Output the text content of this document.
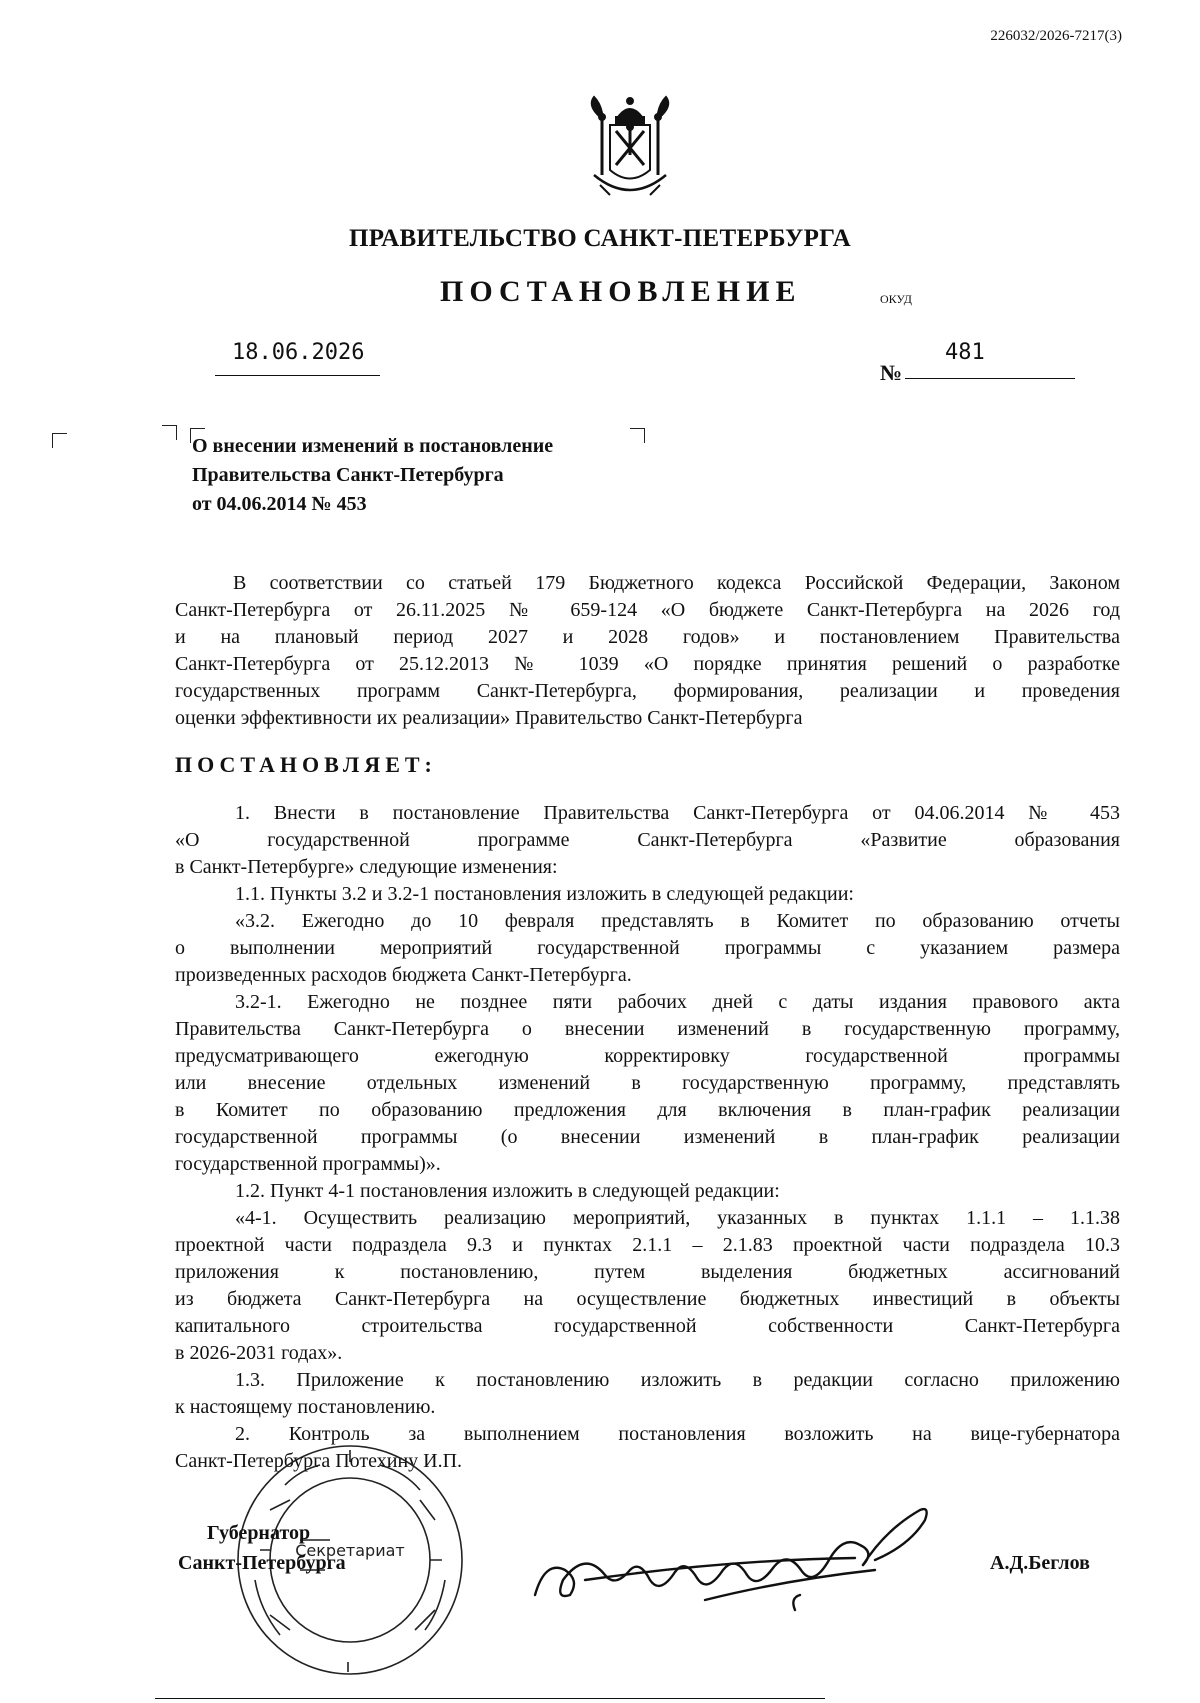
226032/2026-7217(3)
ПРАВИТЕЛЬСТВО САНКТ-ПЕТЕРБУРГА
ПОСТАНОВЛЕНИЕ	ОКУД
18.06.2026
№
481
О внесении изменений в постановление
Правительства Санкт-Петербурга
от 04.06.2014 № 453
В соответствии со статьей 179 Бюджетного кодекса Российской Федерации, Законом
Санкт-Петербурга от 26.11.2025 № 659-124 «О бюджете Санкт-Петербурга на 2026 год
и на плановый период 2027 и 2028 годов» и постановлением Правительства
Санкт-Петербурга от 25.12.2013 № 1039 «О порядке принятия решений о разработке
государственных программ Санкт-Петербурга, формирования, реализации и проведения
оценки эффективности их реализации» Правительство Санкт-Петербурга
ПОСТАНОВЛЯЕТ:
1. Внести в постановление Правительства Санкт-Петербурга от 04.06.2014 № 453
«О государственной программе Санкт-Петербурга «Развитие образования
в Санкт-Петербурге» следующие изменения:
1.1. Пункты 3.2 и 3.2-1 постановления изложить в следующей редакции:
«3.2. Ежегодно до 10 февраля представлять в Комитет по образованию отчеты
о выполнении мероприятий государственной программы с указанием размера
произведенных расходов бюджета Санкт-Петербурга.
3.2-1. Ежегодно не позднее пяти рабочих дней с даты издания правового акта
Правительства Санкт-Петербурга о внесении изменений в государственную программу,
предусматривающего ежегодную корректировку государственной программы
или внесение отдельных изменений в государственную программу, представлять
в Комитет по образованию предложения для включения в план-график реализации
государственной программы (о внесении изменений в план-график реализации
государственной программы)».
1.2. Пункт 4-1 постановления изложить в следующей редакции:
«4-1. Осуществить реализацию мероприятий, указанных в пунктах 1.1.1 – 1.1.38
проектной части подраздела 9.3 и пунктах 2.1.1 – 2.1.83 проектной части подраздела 10.3
приложения к постановлению, путем выделения бюджетных ассигнований
из бюджета Санкт-Петербурга на осуществление бюджетных инвестиций в объекты
капитального строительства государственной собственности Санкт-Петербурга
в 2026-2031 годах».
1.3. Приложение к постановлению изложить в редакции согласно приложению
к настоящему постановлению.
2. Контроль за выполнением постановления возложить на вице-губернатора
Санкт-Петербурга Потехину И.П.
Секретариат
Губернатор
Санкт-Петербурга	А.Д.Беглов
